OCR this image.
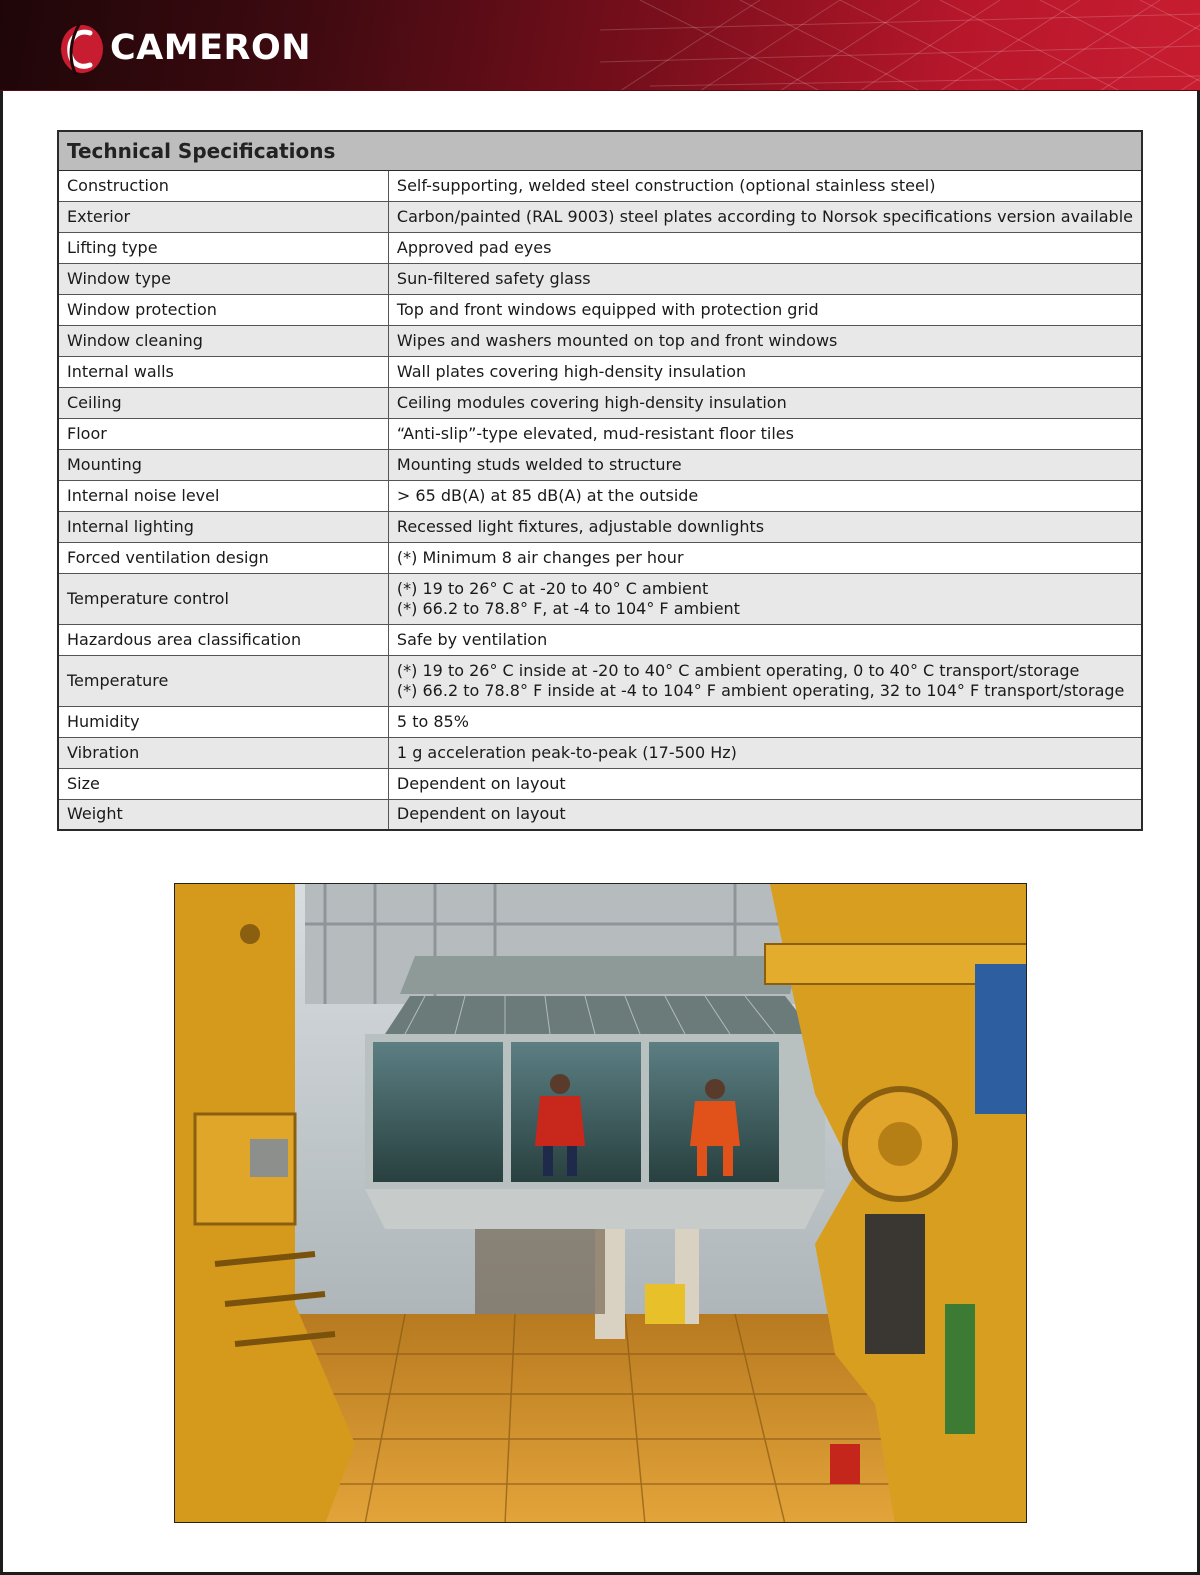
CAMERON
Technical Specifications	
Construction	Self-supporting, welded steel construction (optional stainless steel)

Exterior	Carbon/painted (RAL 9003) steel plates according to Norsok specifications version available

Lifting type	Approved pad eyes

Window type	Sun-filtered safety glass

Window protection	Top and front windows equipped with protection grid

Window cleaning	Wipes and washers mounted on top and front windows

Internal walls	Wall plates covering high-density insulation

Ceiling	Ceiling modules covering high-density insulation

Floor	“Anti-slip”-type elevated, mud-resistant floor tiles

Mounting	Mounting studs welded to structure

Internal noise level	> 65 dB(A) at 85 dB(A) at the outside

Internal lighting	Recessed light fixtures, adjustable downlights

Forced ventilation design	(*) Minimum 8 air changes per hour

Temperature control	(*) 19 to 26° C at -20 to 40° C ambient
(*) 66.2 to 78.8° F, at -4 to 104° F ambient

Hazardous area classification	Safe by ventilation

Temperature	(*) 19 to 26° C inside at -20 to 40° C ambient operating, 0 to 40° C transport/storage
(*) 66.2 to 78.8° F inside at -4 to 104° F ambient operating, 32 to 104° F transport/storage

Humidity	5 to 85%

Vibration	1 g acceleration peak-to-peak (17-500 Hz)

Size	Dependent on layout

Weight	Dependent on layout
